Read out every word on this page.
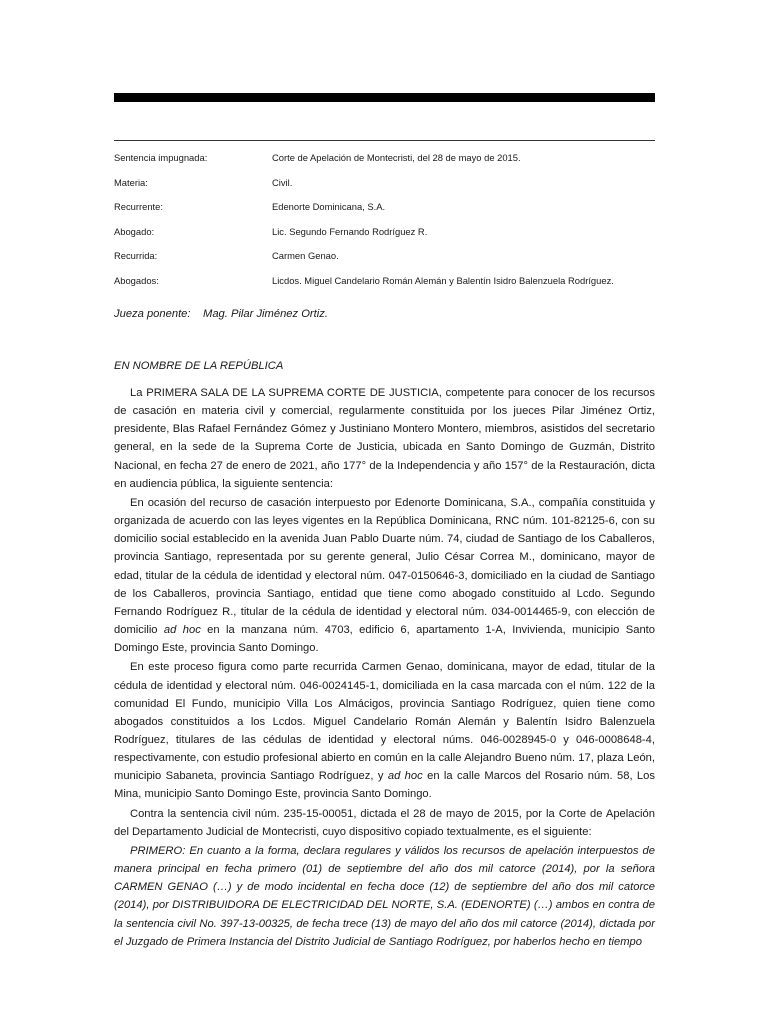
Sentencia impugnada:	Corte de Apelación de Montecristi, del 28 de mayo de 2015.
Materia:	Civil.
Recurrente:	Edenorte Dominicana, S.A.
Abogado:	Lic. Segundo Fernando Rodríguez R.
Recurrida:	Carmen Genao.
Abogados:	Licdos. Miguel Candelario Román Alemán y Balentín Isidro Balenzuela Rodríguez.
Jueza ponente: Mag. Pilar Jiménez Ortiz.
EN NOMBRE DE LA REPÚBLICA

La PRIMERA SALA DE LA SUPREMA CORTE DE JUSTICIA, competente para conocer de los recursos de casación en materia civil y comercial, regularmente constituida por los jueces Pilar Jiménez Ortiz, presidente, Blas Rafael Fernández Gómez y Justiniano Montero Montero, miembros, asistidos del secretario general, en la sede de la Suprema Corte de Justicia, ubicada en Santo Domingo de Guzmán, Distrito Nacional, en fecha 27 de enero de 2021, año 177° de la Independencia y año 157° de la Restauración, dicta en audiencia pública, la siguiente sentencia:

En ocasión del recurso de casación interpuesto por Edenorte Dominicana, S.A., compañía constituida y organizada de acuerdo con las leyes vigentes en la República Dominicana, RNC núm. 101-82125-6, con su domicilio social establecido en la avenida Juan Pablo Duarte núm. 74, ciudad de Santiago de los Caballeros, provincia Santiago, representada por su gerente general, Julio César Correa M., dominicano, mayor de edad, titular de la cédula de identidad y electoral núm. 047-0150646-3, domiciliado en la ciudad de Santiago de los Caballeros, provincia Santiago, entidad que tiene como abogado constituido al Lcdo. Segundo Fernando Rodríguez R., titular de la cédula de identidad y electoral núm. 034-0014465-9, con elección de domicilio ad hoc en la manzana núm. 4703, edificio 6, apartamento 1-A, Invivienda, municipio Santo Domingo Este, provincia Santo Domingo.

En este proceso figura como parte recurrida Carmen Genao, dominicana, mayor de edad, titular de la cédula de identidad y electoral núm. 046-0024145-1, domiciliada en la casa marcada con el núm. 122 de la comunidad El Fundo, municipio Villa Los Almácigos, provincia Santiago Rodríguez, quien tiene como abogados constituidos a los Lcdos. Miguel Candelario Román Alemán y Balentín Isidro Balenzuela Rodríguez, titulares de las cédulas de identidad y electoral núms. 046-0028945-0 y 046-0008648-4, respectivamente, con estudio profesional abierto en común en la calle Alejandro Bueno núm. 17, plaza León, municipio Sabaneta, provincia Santiago Rodríguez, y ad hoc en la calle Marcos del Rosario núm. 58, Los Mina, municipio Santo Domingo Este, provincia Santo Domingo.

Contra la sentencia civil núm. 235-15-00051, dictada el 28 de mayo de 2015, por la Corte de Apelación del Departamento Judicial de Montecristi, cuyo dispositivo copiado textualmente, es el siguiente:

PRIMERO: En cuanto a la forma, declara regulares y válidos los recursos de apelación interpuestos de manera principal en fecha primero (01) de septiembre del año dos mil catorce (2014), por la señora CARMEN GENAO (…) y de modo incidental en fecha doce (12) de septiembre del año dos mil catorce (2014), por DISTRIBUIDORA DE ELECTRICIDAD DEL NORTE, S.A. (EDENORTE) (…) ambos en contra de la sentencia civil No. 397-13-00325, de fecha trece (13) de mayo del año dos mil catorce (2014), dictada por el Juzgado de Primera Instancia del Distrito Judicial de Santiago Rodríguez, por haberlos hecho en tiempo
